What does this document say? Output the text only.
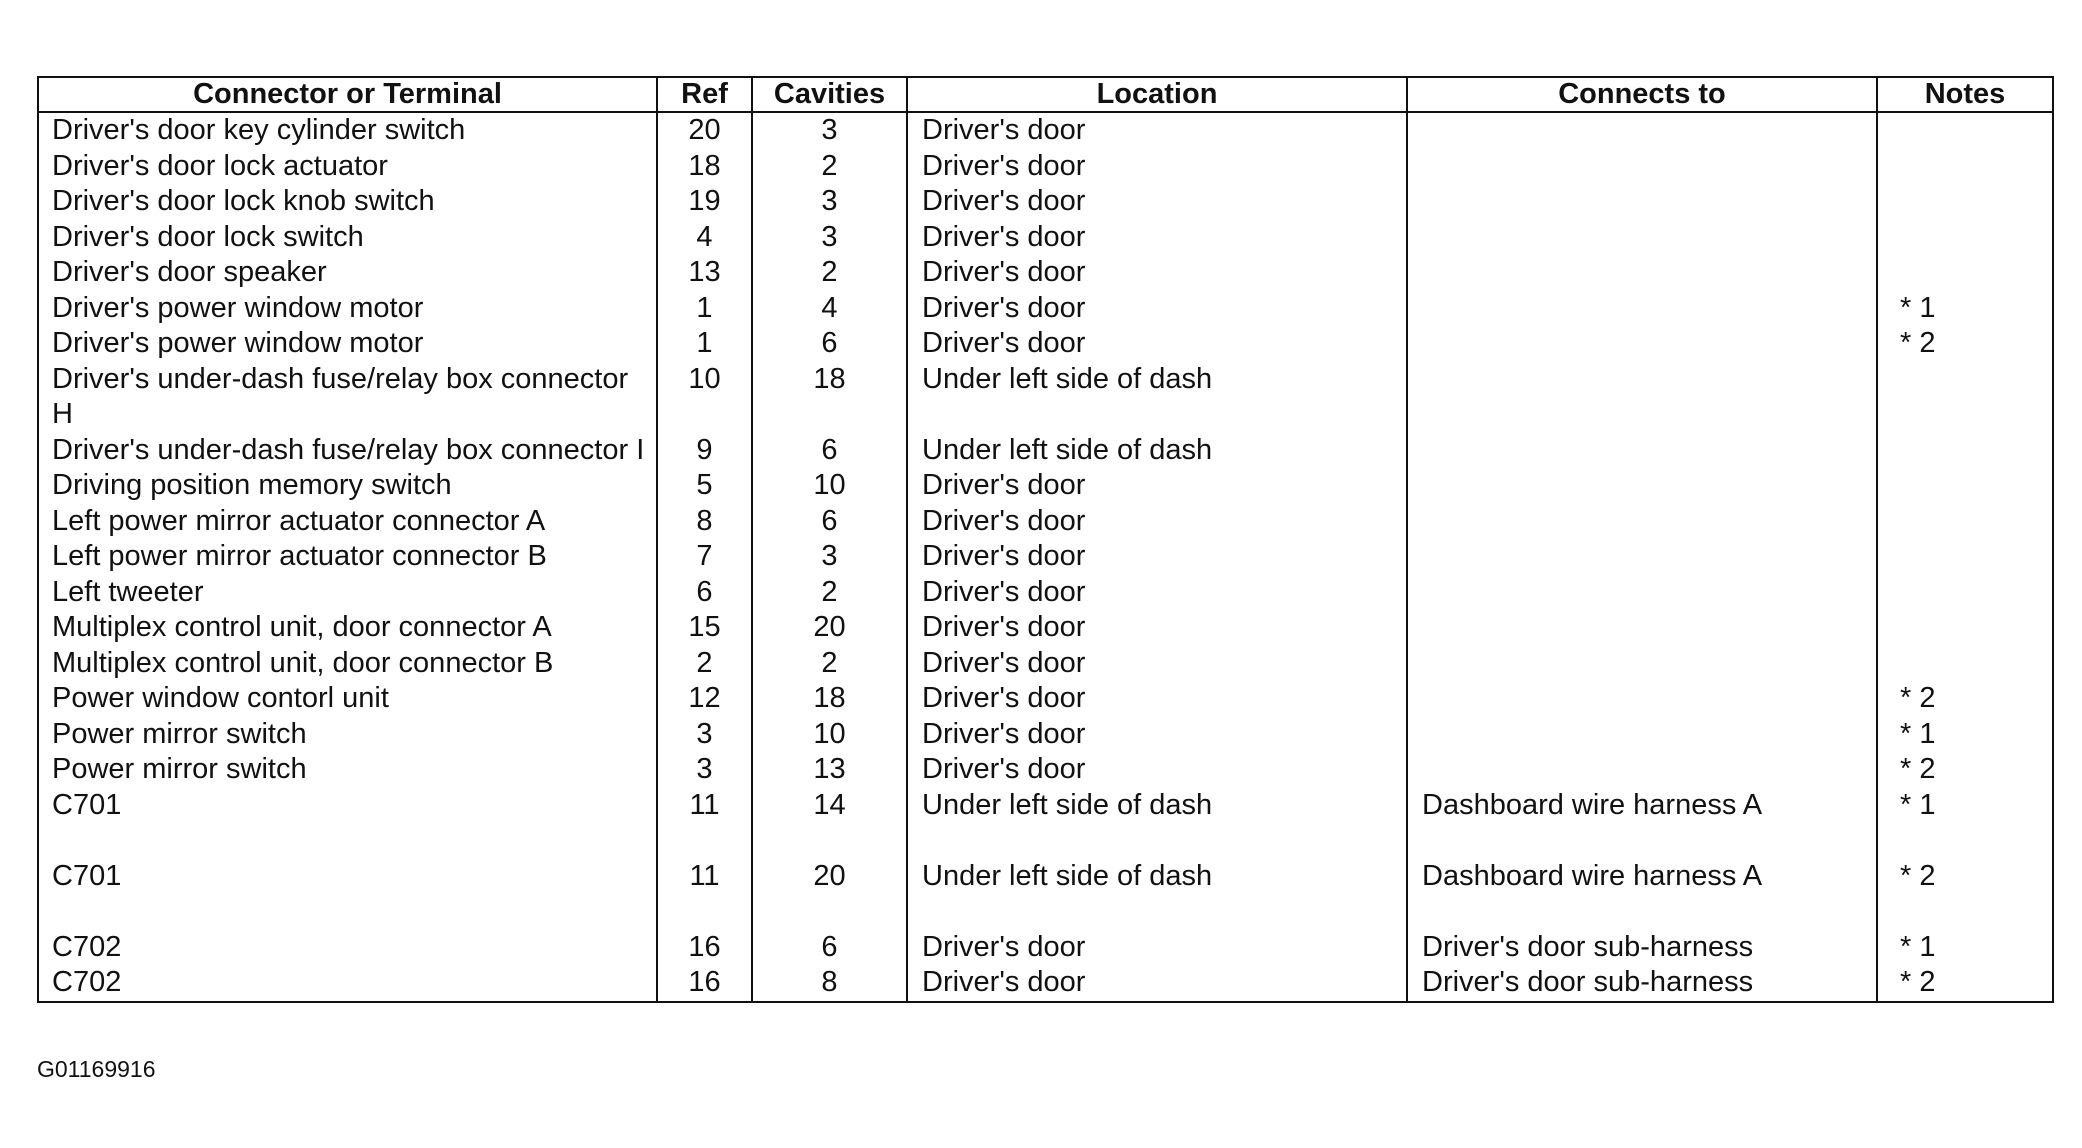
Connector or Terminal	Ref	Cavities	Location	Connects to	Notes
Driver's door key cylinder switch	20	3	Driver's door		
Driver's door lock actuator	18	2	Driver's door		
Driver's door lock knob switch	19	3	Driver's door		
Driver's door lock switch	4	3	Driver's door		
Driver's door speaker	13	2	Driver's door		
Driver's power window motor	1	4	Driver's door		* 1
Driver's power window motor	1	6	Driver's door		* 2
Driver's under-dash fuse/relay box connector H	10	18	Under left side of dash		
Driver's under-dash fuse/relay box connector I	9	6	Under left side of dash		
Driving position memory switch	5	10	Driver's door		
Left power mirror actuator connector A	8	6	Driver's door		
Left power mirror actuator connector B	7	3	Driver's door		
Left tweeter	6	2	Driver's door		
Multiplex control unit, door connector A	15	20	Driver's door		
Multiplex control unit, door connector B	2	2	Driver's door		
Power window contorl unit	12	18	Driver's door		* 2
Power mirror switch	3	10	Driver's door		* 1
Power mirror switch	3	13	Driver's door		* 2
C701	11	14	Under left side of dash	Dashboard wire harness A	* 1
C701	11	20	Under left side of dash	Dashboard wire harness A	* 2
C702	16	6	Driver's door	Driver's door sub-harness	* 1
C702	16	8	Driver's door	Driver's door sub-harness	* 2
G01169916
